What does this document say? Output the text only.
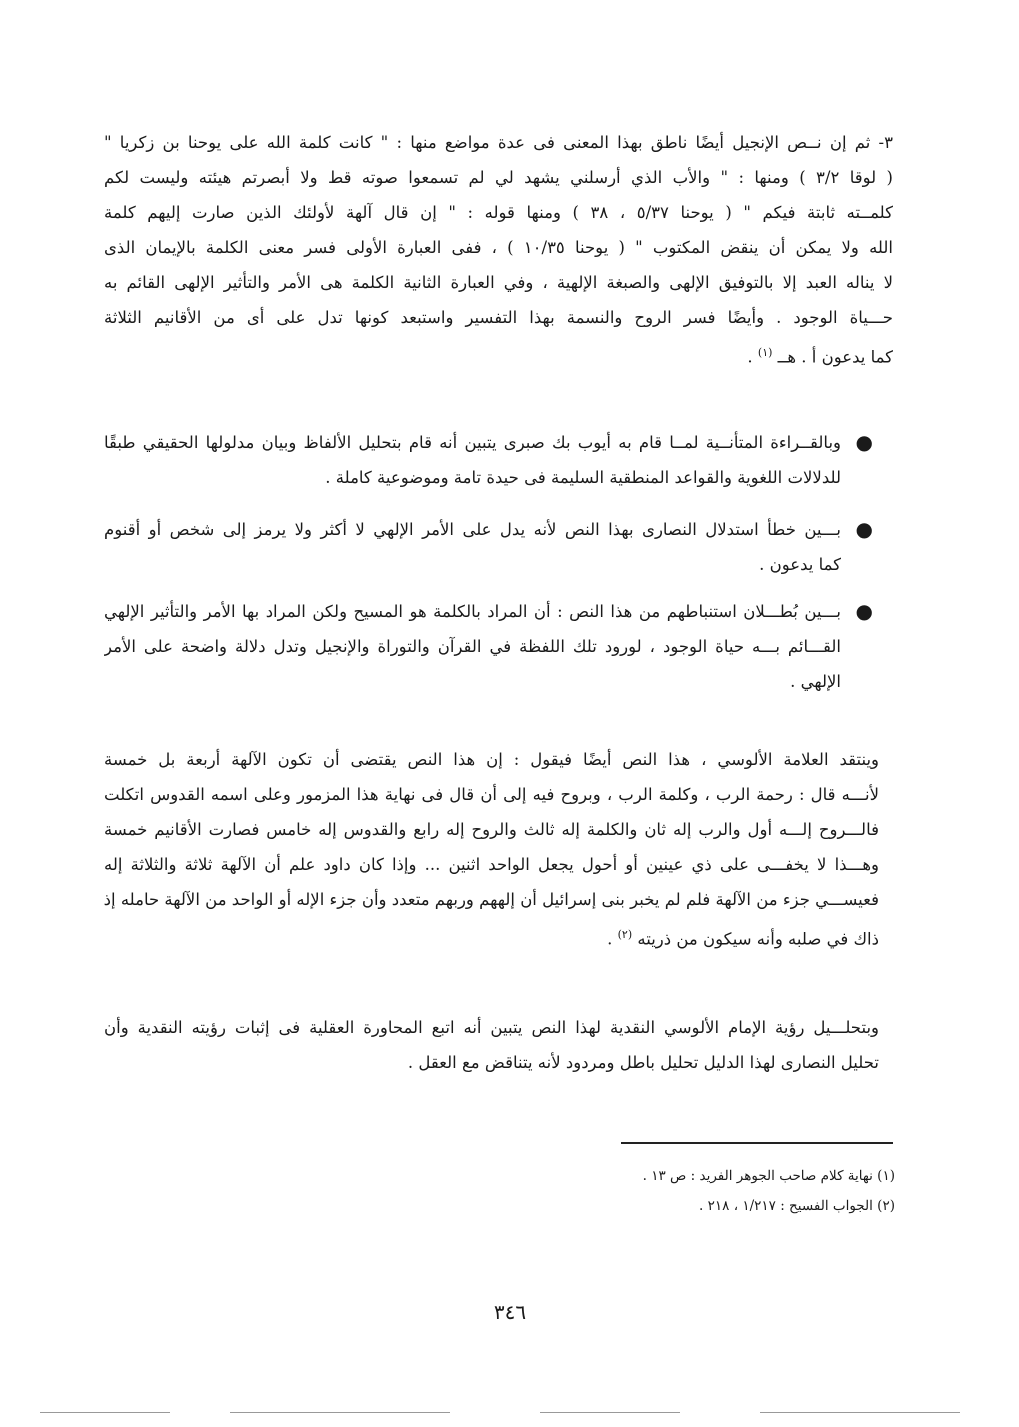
٣- ثم إن نــص الإنجيل أيضًا ناطق بهذا المعنى فى عدة مواضع منها : " كانت كلمة الله على يوحنا بن زكريا "
( لوقا ٣/٢ ) ومنها : " والأب الذي أرسلني يشهد لي لم تسمعوا صوته قط ولا أبصرتم هيئته وليست لكم
كلمــته ثابتة فيكم " ( يوحنا ٥/٣٧ ، ٣٨ ) ومنها قوله : " إن قال آلهة لأولئك الذين صارت إليهم كلمة
الله ولا يمكن أن ينقض المكتوب " ( يوحنا ١٠/٣٥ ) ، ففى العبارة الأولى فسر معنى الكلمة بالإيمان الذى
لا يناله العبد إلا بالتوفيق الإلهى والصبغة الإلهية ، وفي العبارة الثانية الكلمة هى الأمر والتأثير الإلهى القائم به
حـــياة الوجود . وأيضًا فسر الروح والنسمة بهذا التفسير واستبعد كونها تدل على أى من الأقانيم الثلاثة
كما يدعون أ . هــ $^{(١)}$ .
●
وبالقــراءة المتأنــية لمــا قام به أيوب بك صبرى يتبين أنه قام بتحليل الألفاظ وبيان مدلولها الحقيقي طبقًا
للدلالات اللغوية والقواعد المنطقية السليمة فى حيدة تامة وموضوعية كاملة .
●
بـــين خطأ استدلال النصارى بهذا النص لأنه يدل على الأمر الإلهي لا أكثر ولا يرمز إلى شخص أو أقنوم
كما يدعون .
●
بـــين بُطـــلان استنباطهم من هذا النص : أن المراد بالكلمة هو المسيح ولكن المراد بها الأمر والتأثير الإلهي
القـــائم بـــه حياة الوجود ، لورود تلك اللفظة في القرآن والتوراة والإنجيل وتدل دلالة واضحة على الأمر
الإلهي .
وينتقد العلامة الألوسي ، هذا النص أيضًا فيقول : إن هذا النص يقتضى أن تكون الآلهة أربعة بل خمسة
لأنـــه قال : رحمة الرب ، وكلمة الرب ، وبروح فيه إلى أن قال فى نهاية هذا المزمور وعلى اسمه القدوس اتكلت
فالـــروح إلـــه أول والرب إله ثان والكلمة إله ثالث والروح إله رابع والقدوس إله خامس فصارت الأقانيم خمسة
وهـــذا لا يخفـــى على ذي عينين أو أحول يجعل الواحد اثنين ... وإذا كان داود علم أن الآلهة ثلاثة والثلاثة إله
فعيســـي جزء من الآلهة فلم لم يخبر بنى إسرائيل أن إلههم وربهم متعدد وأن جزء الإله أو الواحد من الآلهة حامله إذ
ذاك في صلبه وأنه سيكون من ذريته $^{(٢)}$ .
وبتحلـــيل رؤية الإمام الألوسي النقدية لهذا النص يتبين أنه اتبع المحاورة العقلية فى إثبات رؤيته النقدية وأن
تحليل النصارى لهذا الدليل تحليل باطل ومردود لأنه يتناقض مع العقل .
(١) نهاية كلام صاحب الجوهر الفريد : ص ١٣ .
(٢) الجواب الفسيح : ١/٢١٧ ، ٢١٨ .
٣٤٦
